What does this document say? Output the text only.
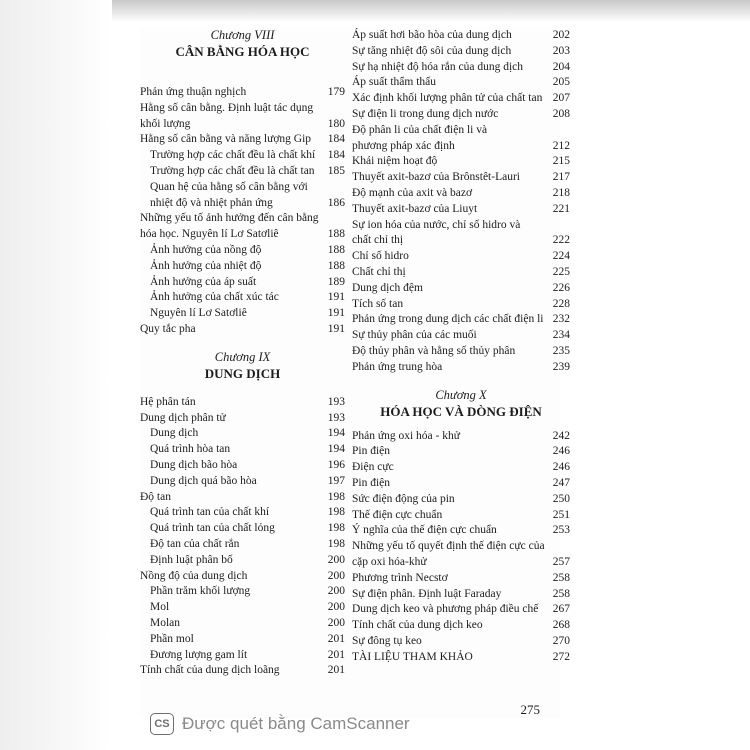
Chương VIII
CÂN BẰNG HÓA HỌC
Phản ứng thuận nghịch	179
Hằng số cân bằng. Định luật tác dụng
khối lượng	180
Hằng số cân bằng và năng lượng Gip	184
Trường hợp các chất đều là chất khí	184
Trường hợp các chất đều là chất tan	185
Quan hệ của hằng số cân bằng với
nhiệt độ và nhiệt phản ứng	186
Những yếu tố ảnh hưởng đến cân bằng
hóa học. Nguyên lí Lơ Satơliê	188
Ảnh hưởng của nồng độ	188
Ảnh hưởng của nhiệt độ	188
Ảnh hưởng của áp suất	189
Ảnh hưởng của chất xúc tác	191
Nguyên lí Lơ Satơliê	191
Quy tắc pha	191
Chương IX
DUNG DỊCH
Hệ phân tán	193
Dung dịch phân tử	193
Dung dịch	194
Quá trình hòa tan	194
Dung dịch bão hòa	196
Dung dịch quá bão hòa	197
Độ tan	198
Quá trình tan của chất khí	198
Quá trình tan của chất lỏng	198
Độ tan của chất rắn	198
Định luật phân bố	200
Nồng độ của dung dịch	200
Phần trăm khối lượng	200
Mol	200
Molan	200
Phần mol	201
Đương lượng gam lít	201
Tính chất của dung dịch loãng	201
Áp suất hơi bão hòa của dung dịch	202
Sự tăng nhiệt độ sôi của dung dịch	203
Sự hạ nhiệt độ hóa rắn của dung dịch	204
Áp suất thẩm thấu	205
Xác định khối lượng phân tử của chất tan 207
Sự điện li trong dung dịch nước	208
Độ phân li của chất điện li và
phương pháp xác định	212
Khái niệm hoạt độ	215
Thuyết axit-bazơ của Brônstêt-Lauri	217
Độ mạnh của axit và bazơ	218
Thuyết axit-bazơ của Liuyt	221
Sự ion hóa của nước, chỉ số hidro và
chất chỉ thị	222
Chỉ số hidro	224
Chất chỉ thị	225
Dung dịch đệm	226
Tích số tan	228
Phản ứng trong dung dịch các chất điện li 232
Sự thủy phân của các muối	234
Độ thủy phân và hằng số thủy phân	235
Phản ứng trung hòa	239
Chương X
HÓA HỌC VÀ DÒNG ĐIỆN
Phản ứng oxi hóa - khử	242
Pin điện	246
Điện cực	246
Pin điện	247
Sức điện động của pin	250
Thế điện cực chuẩn	251
Ý nghĩa của thế điện cực chuẩn	253
Những yếu tố quyết định thế điện cực của
cặp oxi hóa-khử	257
Phương trình Necstơ	258
Sự điện phân. Định luật Faraday	258
Dung dịch keo và phương pháp điều chế	267
Tính chất của dung dịch keo	268
Sự đông tụ keo	270
TÀI LIỆU THAM KHẢO	272
275
CS Được quét bằng CamScanner
